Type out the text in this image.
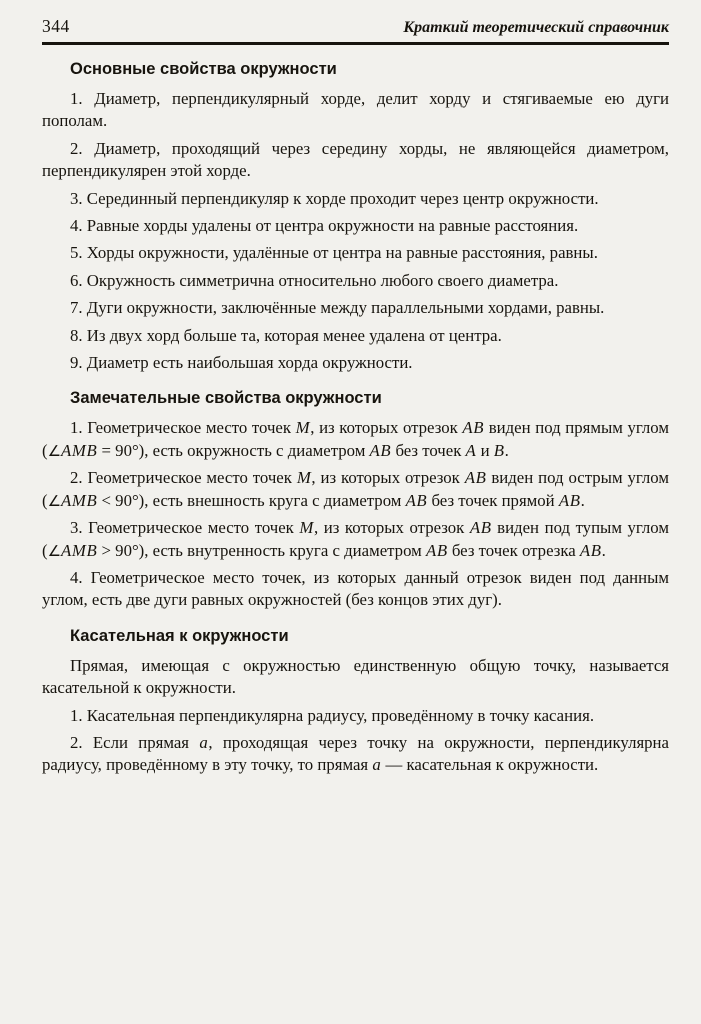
344	Краткий теоретический справочник
Основные свойства окружности

1. Диаметр, перпендикулярный хорде, делит хорду и стягиваемые ею дуги пополам.

2. Диаметр, проходящий через середину хорды, не являющейся диаметром, перпендикулярен этой хорде.

3. Серединный перпендикуляр к хорде проходит через центр окружности.

4. Равные хорды удалены от центра окружности на равные расстояния.

5. Хорды окружности, удалённые от центра на равные расстояния, равны.

6. Окружность симметрична относительно любого своего диаметра.

7. Дуги окружности, заключённые между параллельными хордами, равны.

8. Из двух хорд больше та, которая менее удалена от центра.

9. Диаметр есть наибольшая хорда окружности.

Замечательные свойства окружности

1. Геометрическое место точек M, из которых отрезок AB виден под прямым углом (∠AMB = 90°), есть окружность с диаметром AB без точек A и B.

2. Геометрическое место точек M, из которых отрезок AB виден под острым углом (∠AMB < 90°), есть внешность круга с диаметром AB без точек прямой AB.

3. Геометрическое место точек M, из которых отрезок AB виден под тупым углом (∠AMB > 90°), есть внутренность круга с диаметром AB без точек отрезка AB.

4. Геометрическое место точек, из которых данный отрезок виден под данным углом, есть две дуги равных окружностей (без концов этих дуг).

Касательная к окружности

Прямая, имеющая с окружностью единственную общую точку, называется касательной к окружности.

1. Касательная перпендикулярна радиусу, проведённому в точку касания.

2. Если прямая a, проходящая через точку на окружности, перпендикулярна радиусу, проведённому в эту точку, то прямая a — касательная к окружности.
